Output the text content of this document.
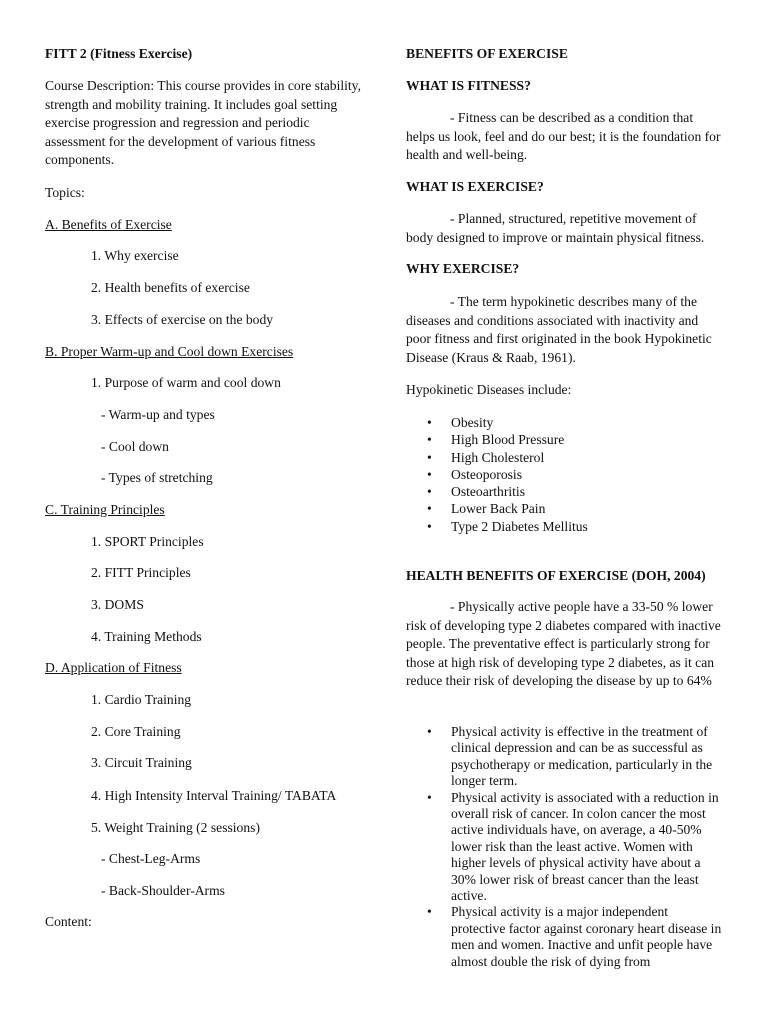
FITT 2 (Fitness Exercise)
Course Description: This course provides in core stability, strength and mobility training. It includes goal setting exercise progression and regression and periodic assessment for the development of various fitness components.
Topics:
A. Benefits of Exercise
1. Why exercise
2. Health benefits of exercise
3. Effects of exercise on the body
B. Proper Warm-up and Cool down Exercises
1. Purpose of warm and cool down
- Warm-up and types
- Cool down
- Types of stretching
C. Training Principles
1. SPORT Principles
2. FITT Principles
3. DOMS
4. Training Methods
D. Application of Fitness
1. Cardio Training
2. Core Training
3. Circuit Training
4. High Intensity Interval Training/ TABATA
5. Weight Training (2 sessions)
- Chest-Leg-Arms
- Back-Shoulder-Arms
Content:
BENEFITS OF EXERCISE
WHAT IS FITNESS?
- Fitness can be described as a condition that helps us look, feel and do our best; it is the foundation for health and well-being.
WHAT IS EXERCISE?
- Planned, structured, repetitive movement of body designed to improve or maintain physical fitness.
WHY EXERCISE?
- The term hypokinetic describes many of the diseases and conditions associated with inactivity and poor fitness and first originated in the book Hypokinetic Disease (Kraus & Raab, 1961).
Hypokinetic Diseases include:
• Obesity
• High Blood Pressure
• High Cholesterol
• Osteoporosis
• Osteoarthritis
• Lower Back Pain
• Type 2 Diabetes Mellitus
HEALTH BENEFITS OF EXERCISE (DOH, 2004)
- Physically active people have a 33-50 % lower risk of developing type 2 diabetes compared with inactive people. The preventative effect is particularly strong for those at high risk of developing type 2 diabetes, as it can reduce their risk of developing the disease by up to 64%
• Physical activity is effective in the treatment of clinical depression and can be as successful as psychotherapy or medication, particularly in the longer term.
• Physical activity is associated with a reduction in overall risk of cancer. In colon cancer the most active individuals have, on average, a 40-50% lower risk than the least active. Women with higher levels of physical activity have about a 30% lower risk of breast cancer than the least active.
• Physical activity is a major independent protective factor against coronary heart disease in men and women. Inactive and unfit people have almost double the risk of dying from
